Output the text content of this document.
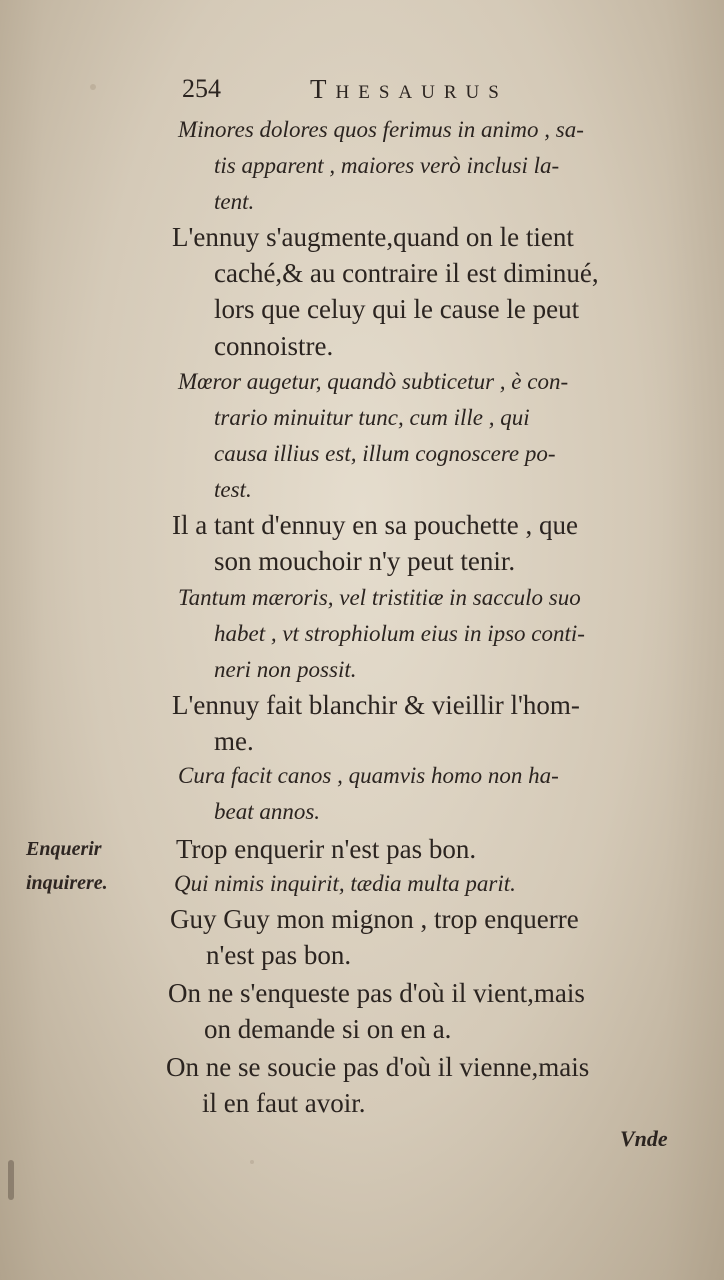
254	Thesaurus
Minores dolores quos ferimus in animo , sa-
tis apparent , maiores verò inclusi la-
tent.
L'ennuy s'augmente,quand on le tient
caché,& au contraire il est diminué,
lors que celuy qui le cause le peut
connoistre.
Mœror augetur, quandò subticetur , è con-
trario minuitur tunc, cum ille , qui
causa illius est, illum cognoscere po-
test.
Il a tant d'ennuy en sa pouchette , que
son mouchoir n'y peut tenir.
Tantum mæroris, vel tristitiæ in sacculo suo
habet , vt strophiolum eius in ipso conti-
neri non possit.
L'ennuy fait blanchir & vieillir l'hom-
me.
Cura facit canos , quamvis homo non ha-
beat annos.
Trop enquerir n'est pas bon.
Qui nimis inquirit, tædia multa parit.
Guy Guy mon mignon , trop enquerre
n'est pas bon.
On ne s'enqueste pas d'où il vient,mais
on demande si on en a.
On ne se soucie pas d'où il vienne,mais
il en faut avoir.
Enquerir
inquirere.
Vnde
